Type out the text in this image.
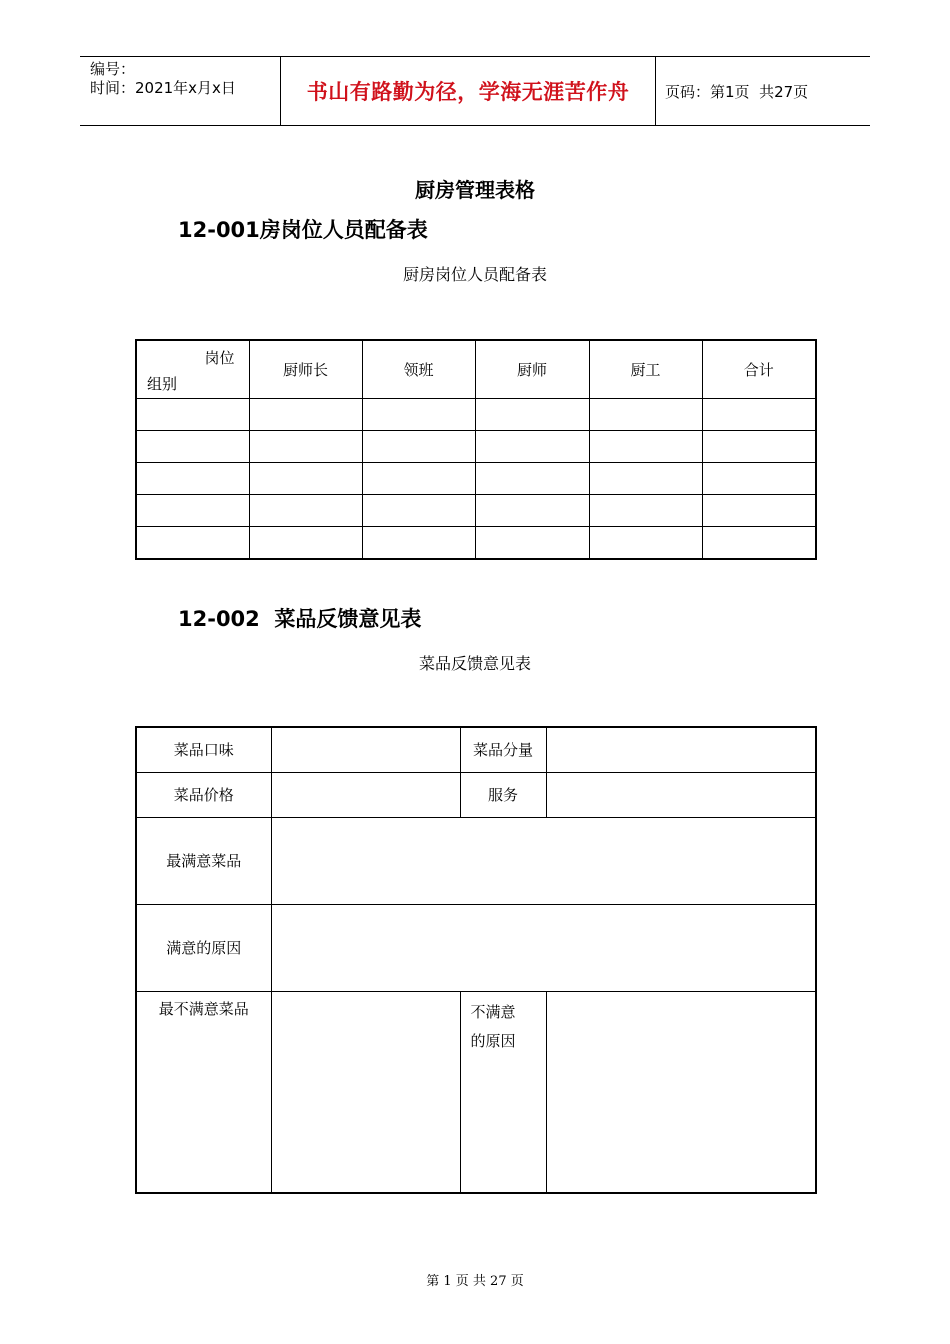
编号：
时间：2021年x月x日	书山有路勤为径，学海无涯苦作舟	页码：第1页  共27页
厨房管理表格
12-001房岗位人员配备表
厨房岗位人员配备表
岗位
组别	厨师长	领班	厨师	厨工	合计

12-002  菜品反馈意见表
菜品反馈意见表
菜品口味		菜品分量	
菜品价格		服务	
最满意菜品			
满意的原因			
最不满意菜品		不满意
的原因	

第 1 页 共 27 页
